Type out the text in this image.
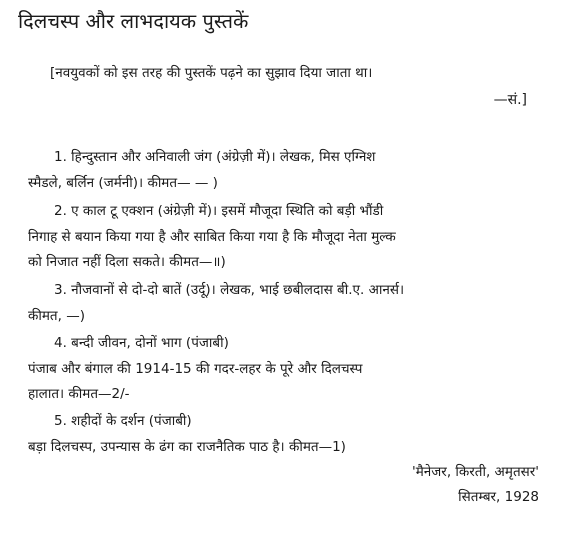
दिलचस्प और लाभदायक पुस्तकें
[नवयुवकों को इस तरह की पुस्तकें पढ़ने का सुझाव दिया जाता था।
—सं.]
1. हिन्दुस्तान और अनिवाली जंग (अंग्रेज़ी में)। लेखक, मिस एग्निश
स्मैडले, बर्लिन (जर्मनी)। कीमत— — )
2. ए काल टू एक्शन (अंग्रेज़ी में)। इसमें मौजूदा स्थिति को बड़ी भौंडी
निगाह से बयान किया गया है और साबित किया गया है कि मौजूदा नेता मुल्क
को निजात नहीं दिला सकते। कीमत—॥)
3. नौजवानों से दो-दो बातें (उर्दू)। लेखक, भाई छबीलदास बी.ए. आनर्स।
कीमत, —)
4. बन्दी जीवन, दोनों भाग (पंजाबी)
पंजाब और बंगाल की 1914-15 की गदर-लहर के पूरे और दिलचस्प
हालात। कीमत—2/-
5. शहीदों के दर्शन (पंजाबी)
बड़ा दिलचस्प, उपन्यास के ढंग का राजनैतिक पाठ है। कीमत—1)
'मैनेजर, किरती, अमृतसर'
सितम्बर, 1928
